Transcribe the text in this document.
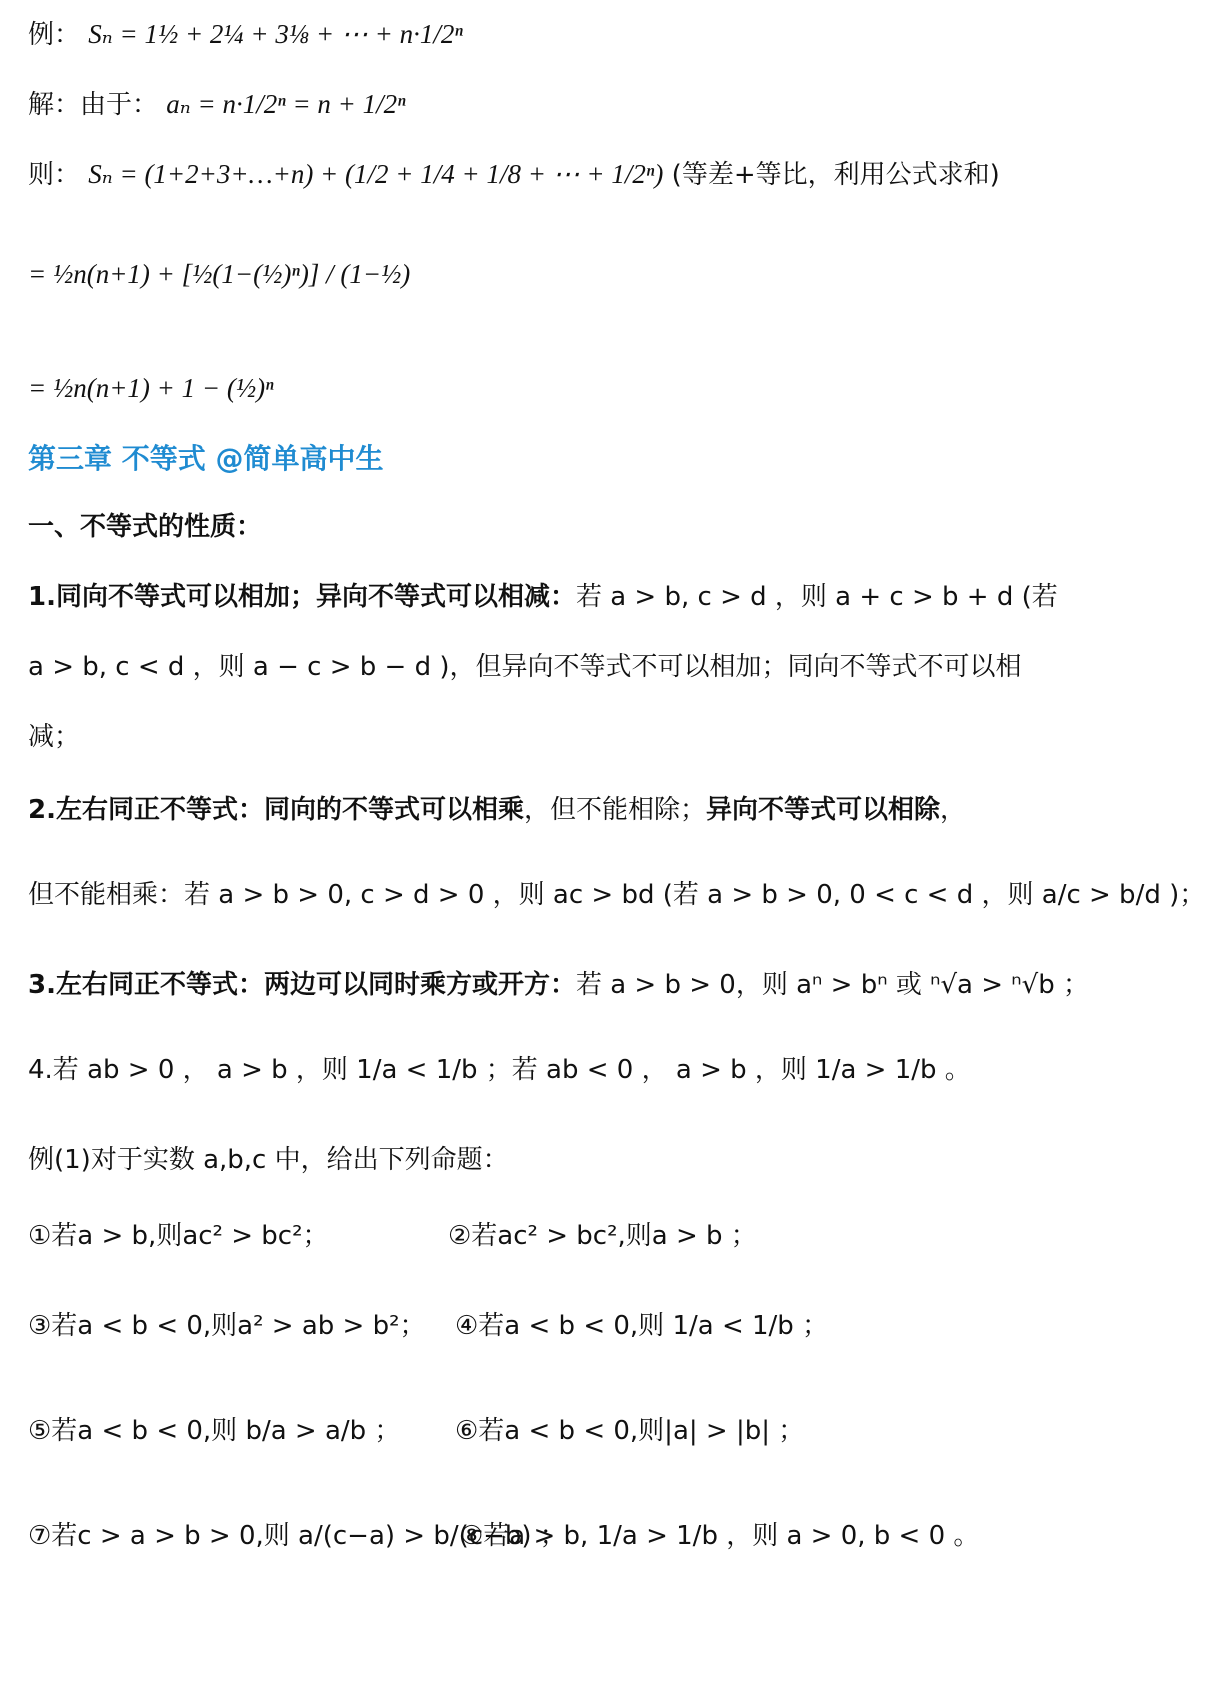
例： Sₙ = 1½ + 2¼ + 3⅛ + ⋯ + n·1/2ⁿ
解：由于： aₙ = n·1/2ⁿ = n + 1/2ⁿ
则： Sₙ = (1+2+3+…+n) + (1/2 + 1/4 + 1/8 + ⋯ + 1/2ⁿ) (等差+等比，利用公式求和)
= ½n(n+1) + [½(1−(½)ⁿ)] / (1−½)
= ½n(n+1) + 1 − (½)ⁿ
第三章 不等式 @简单高中生
一、不等式的性质：
1.同向不等式可以相加；异向不等式可以相减：若 a > b, c > d ，则 a + c > b + d (若
a > b, c < d ，则 a − c > b − d )，但异向不等式不可以相加；同向不等式不可以相
减；
2.左右同正不等式：同向的不等式可以相乘，但不能相除；异向不等式可以相除，
但不能相乘：若 a > b > 0, c > d > 0 ，则 ac > bd (若 a > b > 0, 0 < c < d ，则 a/c > b/d )；
3.左右同正不等式：两边可以同时乘方或开方：若 a > b > 0，则 aⁿ > bⁿ 或 ⁿ√a > ⁿ√b ；
4.若 ab > 0 ， a > b ，则 1/a < 1/b ；若 ab < 0 ， a > b ，则 1/a > 1/b 。
例(1)对于实数 a,b,c 中，给出下列命题：
①若a > b,则ac² > bc²；	②若ac² > bc²,则a > b ；
③若a < b < 0,则a² > ab > b²； ④若a < b < 0,则 1/a < 1/b ；
⑤若a < b < 0,则 b/a > a/b ； ⑥若a < b < 0,则|a| > |b| ；
⑦若c > a > b > 0,则 a/(c−a) > b/(c−b) ；
⑧若a > b, 1/a > 1/b ，则 a > 0, b < 0 。
